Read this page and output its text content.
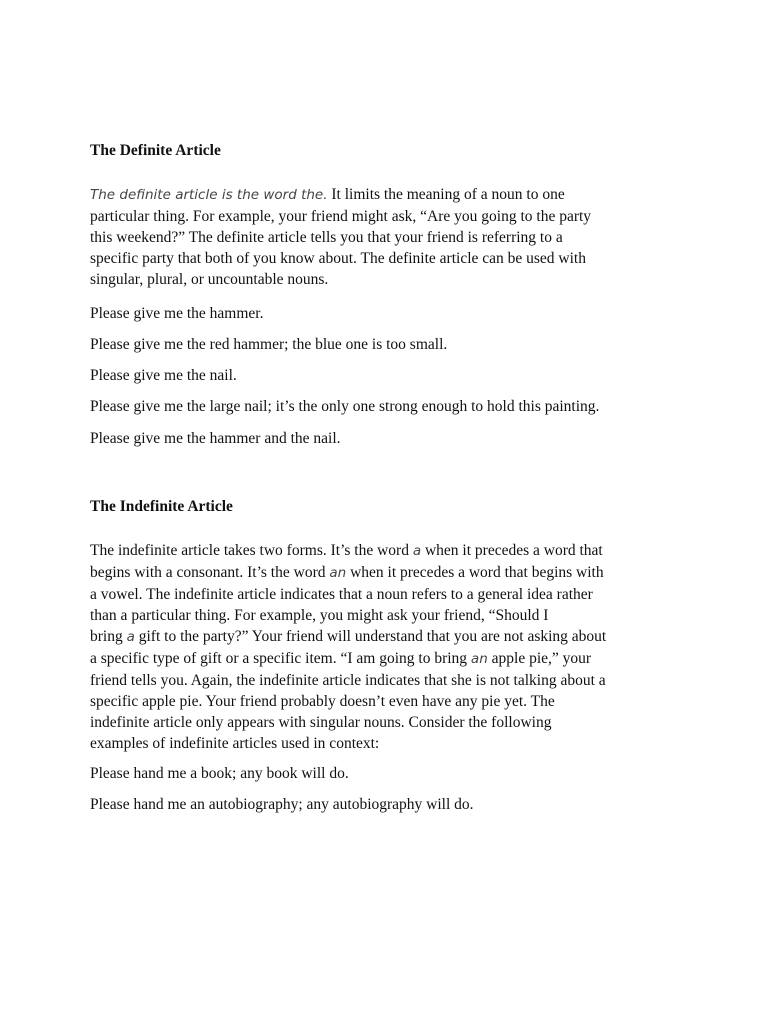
The Definite Article
The definite article is the word the. It limits the meaning of a noun to one
particular thing. For example, your friend might ask, “Are you going to the party
this weekend?” The definite article tells you that your friend is referring to a
specific party that both of you know about. The definite article can be used with
singular, plural, or uncountable nouns.
Please give me the hammer.
Please give me the red hammer; the blue one is too small.
Please give me the nail.
Please give me the large nail; it’s the only one strong enough to hold this painting.
Please give me the hammer and the nail.
The Indefinite Article
The indefinite article takes two forms. It’s the word a when it precedes a word that
begins with a consonant. It’s the word an when it precedes a word that begins with
a vowel. The indefinite article indicates that a noun refers to a general idea rather
than a particular thing. For example, you might ask your friend, “Should I
bring a gift to the party?” Your friend will understand that you are not asking about
a specific type of gift or a specific item. “I am going to bring an apple pie,” your
friend tells you. Again, the indefinite article indicates that she is not talking about a
specific apple pie. Your friend probably doesn’t even have any pie yet. The
indefinite article only appears with singular nouns. Consider the following
examples of indefinite articles used in context:
Please hand me a book; any book will do.
Please hand me an autobiography; any autobiography will do.
